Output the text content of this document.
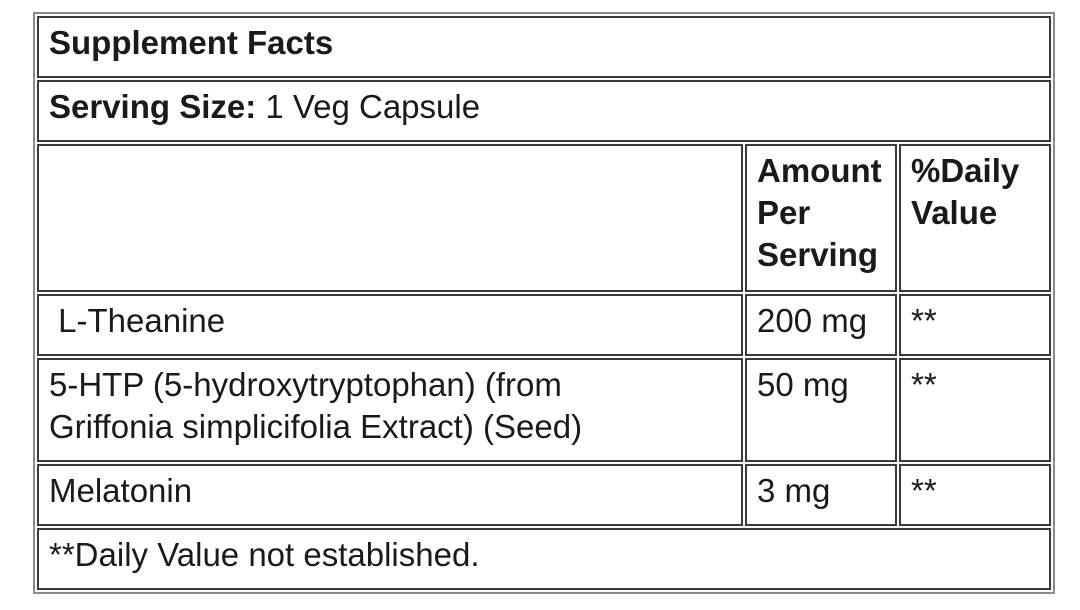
Supplement Facts		
Serving Size: 1 Veg Capsule		
	Amount Per Serving	%Daily Value
L-Theanine	200 mg	**
5-HTP (5-hydroxytryptophan) (from Griffonia simplicifolia Extract) (Seed)	50 mg	**
Melatonin	3 mg	**
**Daily Value not established.		
